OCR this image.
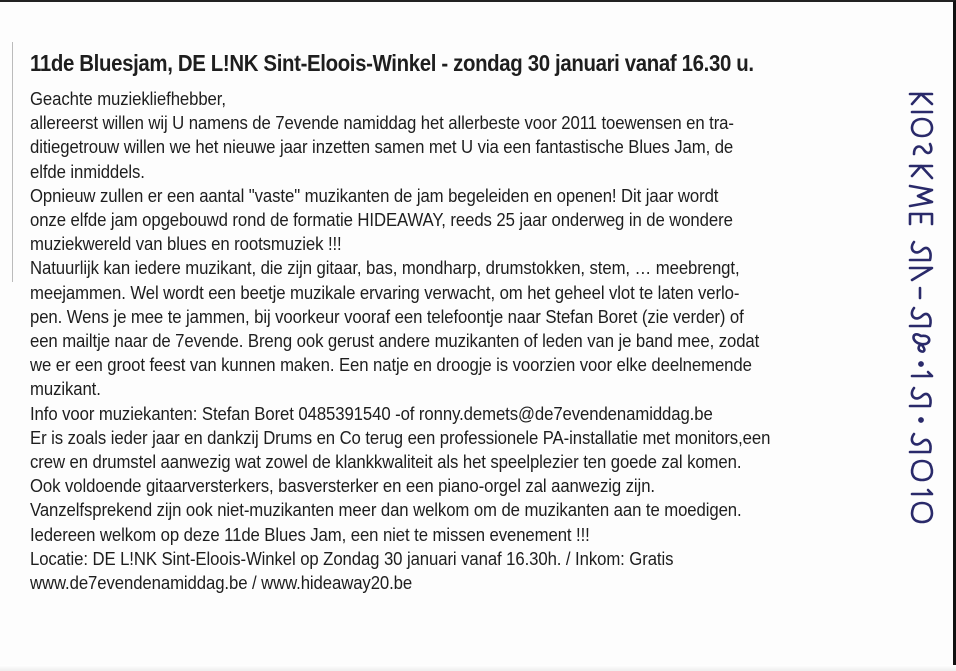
11de Bluesjam, DE L!NK Sint-Eloois-Winkel - zondag 30 januari vanaf 16.30 u.
Geachte muziekliefhebber,
allereerst willen wij U namens de 7evende namiddag het allerbeste voor 2011 toewensen en tra-
ditiegetrouw willen we het nieuwe jaar inzetten samen met U via een fantastische Blues Jam, de
elfde inmiddels.
Opnieuw zullen er een aantal "vaste" muzikanten de jam begeleiden en openen! Dit jaar wordt
onze elfde jam opgebouwd rond de formatie HIDEAWAY, reeds 25 jaar onderweg in de wondere
muziekwereld van blues en rootsmuziek !!!
Natuurlijk kan iedere muzikant, die zijn gitaar, bas, mondharp, drumstokken, stem, … meebrengt,
meejammen. Wel wordt een beetje muzikale ervaring verwacht, om het geheel vlot te laten verlo-
pen. Wens je mee te jammen, bij voorkeur vooraf een telefoontje naar Stefan Boret (zie verder) of
een mailtje naar de 7evende. Breng ook gerust andere muzikanten of leden van je band mee, zodat
we er een groot feest van kunnen maken. Een natje en droogje is voorzien voor elke deelnemende
muzikant.
Info voor muziekanten: Stefan Boret 0485391540 -of ronny.demets@de7evendenamiddag.be
Er is zoals ieder jaar en dankzij Drums en Co terug een professionele PA-installatie met monitors,een
crew en drumstel aanwezig wat zowel de klankkwaliteit als het speelplezier ten goede zal komen.
Ook voldoende gitaarversterkers, basversterker en een piano-orgel zal aanwezig zijn.
Vanzelfsprekend zijn ook niet-muzikanten meer dan welkom om de muzikanten aan te moedigen.
Iedereen welkom op deze 11de Blues Jam, een niet te missen evenement !!!
Locatie: DE L!NK Sint-Eloois-Winkel op Zondag 30 januari vanaf 16.30h. / Inkom: Gratis
www.de7evendenamiddag.be / www.hideaway20.be
